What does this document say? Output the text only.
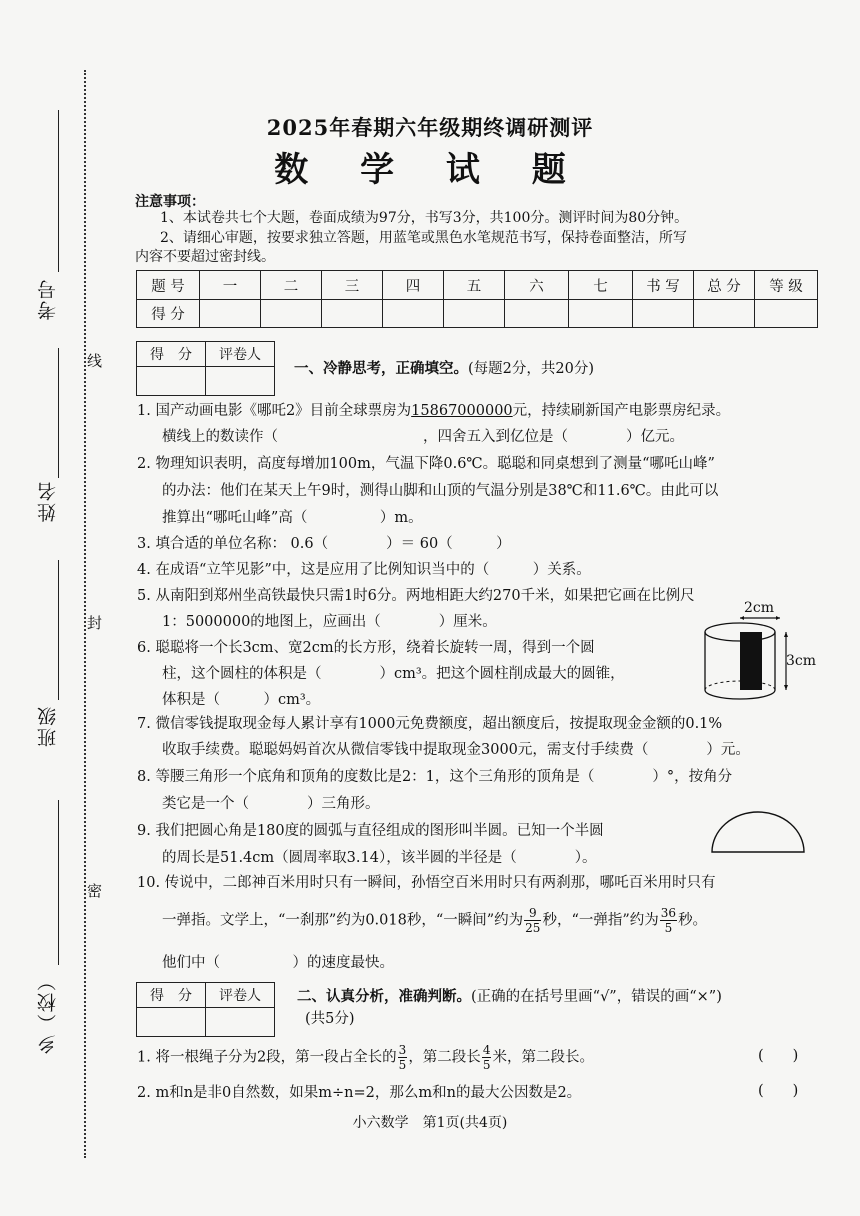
考号
线
姓名
封
班级
密
乡（校）
2025年春期六年级期终调研测评
数 学 试 题
注意事项：
1、本试卷共七个大题，卷面成绩为97分，书写3分，共100分。测评时间为80分钟。
2、请细心审题，按要求独立答题，用蓝笔或黑色水笔规范书写，保持卷面整洁，所写
内容不要超过密封线。
题 号	一	二	三	四	五	六	七	书 写	总 分	等 级
得 分										
得　分	评卷人

一、冷静思考，正确填空。(每题2分，共20分)
1. 国产动画电影《哪吒2》目前全球票房为15867000000元，持续刷新国产电影票房纪录。
横线上的数读作（　　　　　　　　　　，四舍五入到亿位是（　　　　）亿元。
2. 物理知识表明，高度每增加100m，气温下降0.6℃。聪聪和同桌想到了测量“哪吒山峰”
的办法：他们在某天上午9时，测得山脚和山顶的气温分别是38℃和11.6℃。由此可以
推算出“哪吒山峰”高（　　　　　）m。
3. 填合适的单位名称： 0.6（　　　　）＝ 60（　　　）
4. 在成语“立竿见影”中，这是应用了比例知识当中的（　　　）关系。
5. 从南阳到郑州坐高铁最快只需1时6分。两地相距大约270千米，如果把它画在比例尺
1：5000000的地图上，应画出（　　　　）厘米。
6. 聪聪将一个长3cm、宽2cm的长方形，绕着长旋转一周，得到一个圆
柱，这个圆柱的体积是（　　　　）cm³。把这个圆柱削成最大的圆锥，
体积是（　　　）cm³。
2cm
3cm
7. 微信零钱提取现金每人累计享有1000元免费额度，超出额度后，按提取现金金额的0.1%
收取手续费。聪聪妈妈首次从微信零钱中提取现金3000元，需支付手续费（　　　　）元。
8. 等腰三角形一个底角和顶角的度数比是2：1，这个三角形的顶角是（　　　　）°，按角分
类它是一个（　　　　）三角形。
9. 我们把圆心角是180度的圆弧与直径组成的图形叫半圆。已知一个半圆
的周长是51.4cm（圆周率取3.14），该半圆的半径是（　　　　）。
10. 传说中，二郎神百米用时只有一瞬间，孙悟空百米用时只有两刹那，哪吒百米用时只有
一弹指。文学上，“一刹那”约为0.018秒，“一瞬间”约为 $\frac{9}{25}$ 秒，“一弹指”约为 $\frac{36}{5}$ 秒。
他们中（　　　　　）的速度最快。
得　分	评卷人
	二、认真分析，准确判断。(正确的在括号里画“√”，错误的画“×”)
(共5分)
1. 将一根绳子分为2段，第一段占全长的 $\frac{3}{5}$ ，第二段长 $\frac{4}{5}$ 米，第二段长。	(　　)
2. m和n是非0自然数，如果m÷n=2，那么m和n的最大公因数是2。	(　　)
小六数学　第1页(共4页)
